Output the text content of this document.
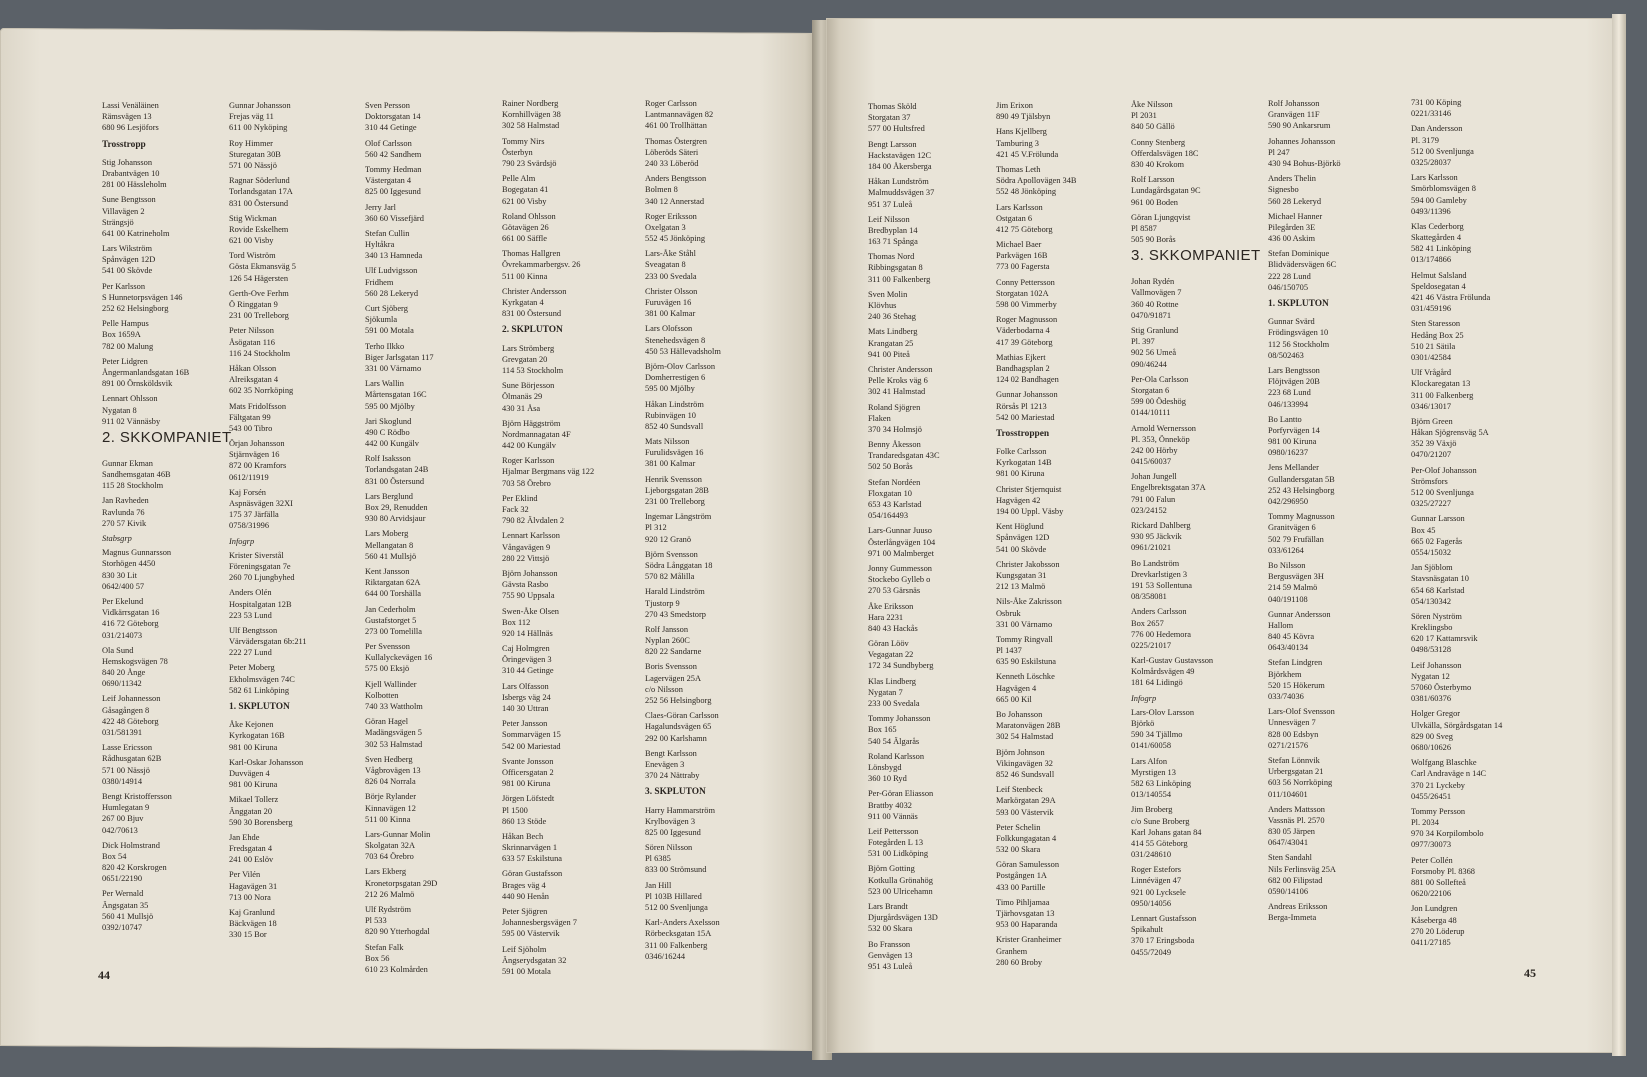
Lassi Venäläinen
Rämsvägen 13
680 96 Lesjöfors
Trosstropp
Stig Johansson
Drabantvägen 10
281 00 Hässleholm
Sune Bengtsson
Villavägen 2
Strängsjö
641 00 Katrineholm
Lars Wikström
Spånvägen 12D
541 00 Skövde
Per Karlsson
S Hunnetorpsvägen 146
252 62 Helsingborg
Pelle Hampus
Box 1659A
782 00 Malung
Peter Lidgren
Ångermanlandsgatan 16B
891 00 Örnsköldsvik
Lennart Ohlsson
Nygatan 8
911 02 Vännäsby
2. SKKOMPANIET
Gunnar Ekman
Sandhemsgatan 46B
115 28 Stockholm
Jan Ravheden
Ravlunda 76
270 57 Kivik
Stabsgrp
Magnus Gunnarsson
Storhögen 4450
830 30 Lit
0642/400 57
Per Ekelund
Vidkärrsgatan 16
416 72 Göteborg
031/214073
Ola Sund
Hemskogsvägen 78
840 20 Ånge
0690/11342
Leif Johannesson
Gåsagången 8
422 48 Göteborg
031/581391
Lasse Ericsson
Rådhusgatan 62B
571 00 Nässjö
0380/14914
Bengt Kristoffersson
Humlegatan 9
267 00 Bjuv
042/70613
Dick Holmstrand
Box 54
820 42 Korskrogen
0651/22190
Per Wernald
Ängsgatan 35
560 41 Mullsjö
0392/10747
Gunnar Johansson
Frejas väg 11
611 00 Nyköping
Roy Himmer
Sturegatan 30B
571 00 Nässjö
Ragnar Söderlund
Torlandsgatan 17A
831 00 Östersund
Stig Wickman
Rovide Eskelhem
621 00 Visby
Tord Wiström
Gösta Ekmansväg 5
126 54 Hägersten
Gerth-Ove Ferhm
Ö Ringgatan 9
231 00 Trelleborg
Peter Nilsson
Åsögatan 116
116 24 Stockholm
Håkan Olsson
Alreiksgatan 4
602 35 Norrköping
Mats Fridolfsson
Fältgatan 99
543 00 Tibro
Örjan Johansson
Stjärnvägen 16
872 00 Kramfors
0612/11919
Kaj Forsén
Aspnäsvägen 32XI
175 37 Järfälla
0758/31996
Infogrp
Krister Siverstål
Föreningsgatan 7e
260 70 Ljungbyhed
Anders Olén
Hospitalgatan 12B
223 53 Lund
Ulf Bengtsson
Värvädersgatan 6b:211
222 27 Lund
Peter Moberg
Ekholmsvägen 74C
582 61 Linköping
1. SKPLUTON
Åke Kejonen
Kyrkogatan 16B
981 00 Kiruna
Karl-Oskar Johansson
Duvvägen 4
981 00 Kiruna
Mikael Tollerz
Änggatan 20
590 30 Borensberg
Jan Ehde
Fredsgatan 4
241 00 Eslöv
Per Vilén
Hagavägen 31
713 00 Nora
Kaj Granlund
Bäckvägen 18
330 15 Bor
Sven Persson
Doktorsgatan 14
310 44 Getinge
Olof Carlsson
560 42 Sandhem
Tommy Hedman
Västergatan 4
825 00 Iggesund
Jerry Jarl
360 60 Vissefjärd
Stefan Cullin
Hyltåkra
340 13 Hamneda
Ulf Ludvigsson
Fridhem
560 28 Lekeryd
Curt Sjöberg
Sjökumla
591 00 Motala
Terho Ilkko
Biger Jarlsgatan 117
331 00 Värnamo
Lars Wallin
Mårtensgatan 16C
595 00 Mjölby
Jari Skoglund
490 C Rödbo
442 00 Kungälv
Rolf Isaksson
Torlandsgatan 24B
831 00 Östersund
Lars Berglund
Box 29, Renudden
930 80 Arvidsjaur
Lars Moberg
Mellangatan 8
560 41 Mullsjö
Kent Jansson
Riktargatan 62A
644 00 Torshälla
Jan Cederholm
Gustafstorget 5
273 00 Tomelilla
Per Svensson
Kullalyckevägen 16
575 00 Eksjö
Kjell Wallinder
Kolbotten
740 33 Wattholm
Göran Hagel
Madängsvägen 5
302 53 Halmstad
Sven Hedberg
Vågbrovägen 13
826 04 Norrala
Börje Rylander
Kinnavägen 12
511 00 Kinna
Lars-Gunnar Molin
Skolgatan 32A
703 64 Örebro
Lars Ekberg
Kronetorpsgatan 29D
212 26 Malmö
Ulf Rydström
Pl 533
820 90 Ytterhogdal
Stefan Falk
Box 56
610 23 Kolmården
Rainer Nordberg
Kornhillvägen 38
302 58 Halmstad
Tommy Nirs
Österbyn
790 23 Svärdsjö
Pelle Alm
Bogegatan 41
621 00 Visby
Roland Ohlsson
Götavägen 26
661 00 Säffle
Thomas Hallgren
Övrekammarbergsv. 26
511 00 Kinna
Christer Andersson
Kyrkgatan 4
831 00 Östersund
2. SKPLUTON
Lars Strömberg
Grevgatan 20
114 53 Stockholm
Sune Börjesson
Ölmanäs 29
430 31 Åsa
Björn Häggström
Nordmannagatan 4F
442 00 Kungälv
Roger Karlsson
Hjalmar Bergmans väg 122
703 58 Örebro
Per Eklind
Fack 32
790 82 Älvdalen 2
Lennart Karlsson
Vångavägen 9
280 22 Vittsjö
Björn Johansson
Gävsta Rasbo
755 90 Uppsala
Swen-Åke Olsen
Box 112
920 14 Hällnäs
Caj Holmgren
Öringevägen 3
310 44 Getinge
Lars Olfasson
Isbergs väg 24
140 30 Uttran
Peter Jansson
Sommarvägen 15
542 00 Mariestad
Svante Jonsson
Officersgatan 2
981 00 Kiruna
Jörgen Löfstedt
Pl 1500
860 13 Stöde
Håkan Bech
Skrinnarvägen 1
633 57 Eskilstuna
Göran Gustafsson
Brages väg 4
440 90 Henån
Peter Sjögren
Johannesbergsvägen 7
595 00 Västervik
Leif Sjöholm
Ängserydsgatan 32
591 00 Motala
Roger Carlsson
Lantmannavägen 82
461 00 Trollhättan
Thomas Östergren
Löberöds Säteri
240 33 Löberöd
Anders Bengtsson
Bolmen 8
340 12 Annerstad
Roger Eriksson
Oxelgatan 3
552 45 Jönköping
Lars-Åke Ståhl
Sveagatan 8
233 00 Svedala
Christer Olsson
Furuvägen 16
381 00 Kalmar
Lars Olofsson
Stenehedsvägen 8
450 53 Hällevadsholm
Björn-Olov Carlsson
Domherrestigen 6
595 00 Mjölby
Håkan Lindström
Rubinvägen 10
852 40 Sundsvall
Mats Nilsson
Furulidsvägen 16
381 00 Kalmar
Henrik Svensson
Ljeborgsgatan 28B
231 00 Trelleborg
Ingemar Längström
Pl 312
920 12 Granö
Björn Svensson
Södra Långgatan 18
570 82 Målilla
Harald Lindström
Tjustorp 9
270 43 Smedstorp
Rolf Jansson
Nyplan 260C
820 22 Sandarne
Boris Svensson
Lagervägen 25A
c/o Nilsson
252 56 Helsingborg
Claes-Göran Carlsson
Hagalundsvägen 65
292 00 Karlshamn
Bengt Karlsson
Enevägen 3
370 24 Nättraby
3. SKPLUTON
Harry Hammarström
Krylbovägen 3
825 00 Iggesund
Sören Nilsson
Pl 6385
833 00 Strömsund
Jan Hill
Pl 103B Hillared
512 00 Svenljunga
Karl-Anders Axelsson
Rörbecksgatan 15A
311 00 Falkenberg
0346/16244
Thomas Sköld
Storgatan 37
577 00 Hultsfred
Bengt Larsson
Hackstavägen 12C
184 00 Åkersberga
Håkan Lundström
Malmuddsvägen 37
951 37 Luleå
Leif Nilsson
Bredbyplan 14
163 71 Spånga
Thomas Nord
Ribbingsgatan 8
311 00 Falkenberg
Sven Molin
Klövhus
240 36 Stehag
Mats Lindberg
Krangatan 25
941 00 Piteå
Christer Andersson
Pelle Kroks väg 6
302 41 Halmstad
Roland Sjögren
Flaken
370 34 Holmsjö
Benny Åkesson
Trandaredsgatan 43C
502 50 Borås
Stefan Nordéen
Floxgatan 10
653 43 Karlstad
054/164493
Lars-Gunnar Juuso
Österlångvägen 104
971 00 Malmberget
Jonny Gummesson
Stockebo Gylleb o
270 53 Gärsnäs
Åke Eriksson
Hara 2231
840 43 Hackås
Göran Lööv
Vegagatan 22
172 34 Sundbyberg
Klas Lindberg
Nygatan 7
233 00 Svedala
Tommy Johansson
Box 165
540 54 Älgarås
Roland Karlsson
Lönsbygd
360 10 Ryd
Per-Göran Eliasson
Brattby 4032
911 00 Vännäs
Leif Pettersson
Fotegården L 13
531 00 Lidköping
Björn Gotting
Kotkulla Grönahög
523 00 Ulricehamn
Lars Brandt
Djurgårdsvägen 13D
532 00 Skara
Bo Fransson
Genvägen 13
951 43 Luleå
Jim Erixon
890 49 Tjälsbyn
Hans Kjellberg
Tamburing 3
421 45 V.Frölunda
Thomas Leth
Södra Apollovägen 34B
552 48 Jönköping
Lars Karlsson
Ostgatan 6
412 75 Göteborg
Michael Baer
Parkvägen 16B
773 00 Fagersta
Conny Pettersson
Storgatan 102A
598 00 Vimmerby
Roger Magnusson
Väderbodarna 4
417 39 Göteborg
Mathias Ejkert
Bandhagsplan 2
124 02 Bandhagen
Gunnar Johansson
Rörsås Pl 1213
542 00 Mariestad
Trosstroppen
Folke Carlsson
Kyrkogatan 14B
981 00 Kiruna
Christer Stjernquist
Hagvägen 42
194 00 Uppl. Väsby
Kent Höglund
Spånvägen 12D
541 00 Skövde
Christer Jakobsson
Kungsgatan 31
212 13 Malmö
Nils-Åke Zakrisson
Osbruk
331 00 Värnamo
Tommy Ringvall
Pl 1437
635 90 Eskilstuna
Kenneth Löschke
Hagvägen 4
665 00 Kil
Bo Johansson
Maratonvägen 28B
302 54 Halmstad
Björn Johnson
Vikingavägen 32
852 46 Sundsvall
Leif Stenbeck
Markörgatan 29A
593 00 Västervik
Peter Schelin
Folkkungagatan 4
532 00 Skara
Göran Samulesson
Postgången 1A
433 00 Partille
Timo Pihljamaa
Tjärhovsgatan 13
953 00 Haparanda
Krister Granheimer
Granhem
280 60 Broby
Åke Nilsson
Pl 2031
840 50 Gällö
Conny Stenberg
Offerdalsvägen 18C
830 40 Krokom
Rolf Larsson
Lundagårdsgatan 9C
961 00 Boden
Göran Ljungqvist
Pl 8587
505 90 Borås
3. SKKOMPANIET
Johan Rydén
Vallmovägen 7
360 40 Rottne
0470/91871
Stig Granlund
Pl. 397
902 56 Umeå
090/46244
Per-Ola Carlsson
Storgatan 6
599 00 Ödeshög
0144/10111
Arnold Wernersson
Pl. 353, Önneköp
242 00 Hörby
0415/60037
Johan Jungell
Engelbrektsgatan 37A
791 00 Falun
023/24152
Rickard Dahlberg
930 95 Jäckvik
0961/21021
Bo Landström
Drevkarlstigen 3
191 53 Sollentuna
08/358081
Anders Carlsson
Box 2657
776 00 Hedemora
0225/21017
Karl-Gustav Gustavsson
Kolmårdsvägen 49
181 64 Lidingö
Infogrp
Lars-Olov Larsson
Björkö
590 34 Tjällmo
0141/60058
Lars Alfon
Myrstigen 13
582 63 Linköping
013/140554
Jim Broberg
c/o Sune Broberg
Karl Johans gatan 84
414 55 Göteborg
031/248610
Roger Estefors
Linnévägen 47
921 00 Lycksele
0950/14056
Lennart Gustafsson
Spikahult
370 17 Eringsboda
0455/72049
Rolf Johansson
Granvägen 11F
590 90 Ankarsrum
Johannes Johansson
Pl 247
430 94 Bohus-Björkö
Anders Thelin
Signesbo
560 28 Lekeryd
Michael Hanner
Pilegården 3E
436 00 Askim
Stefan Dominique
Blidvädersvägen 6C
222 28 Lund
046/150705
1. SKPLUTON
Gunnar Svärd
Frödingsvägen 10
112 56 Stockholm
08/502463
Lars Bengtsson
Flöjtvägen 20B
223 68 Lund
046/133994
Bo Lantto
Porfyrvägen 14
981 00 Kiruna
0980/16237
Jens Mellander
Gullandersgatan 5B
252 43 Helsingborg
042/296950
Tommy Magnusson
Granitvägen 6
502 79 Frufällan
033/61264
Bo Nilsson
Bergusvägen 3H
214 59 Malmö
040/191108
Gunnar Andersson
Hallom
840 45 Kövra
0643/40134
Stefan Lindgren
Björkhem
520 15 Hökerum
033/74036
Lars-Olof Svensson
Unnesvägen 7
828 00 Edsbyn
0271/21576
Stefan Lönnvik
Urbergsgatan 21
603 56 Norrköping
011/104601
Anders Mattsson
Vassnäs Pl. 2570
830 05 Järpen
0647/43041
Sten Sandahl
Nils Ferlinsväg 25A
682 00 Filipstad
0590/14106
Andreas Eriksson
Berga-Immeta
731 00 Köping
0221/33146
Dan Andersson
Pl. 3179
512 00 Svenljunga
0325/28037
Lars Karlsson
Smörblomsvägen 8
594 00 Gamleby
0493/11396
Klas Cederborg
Skattegården 4
582 41 Linköping
013/174866
Helmut Salsland
Speldosegatan 4
421 46 Västra Frölunda
031/459196
Sten Staresson
Hedång Box 25
510 21 Sätila
0301/42584
Ulf Vrågård
Klockaregatan 13
311 00 Falkenberg
0346/13017
Björn Green
Håkan Sjögrensväg 5A
352 39 Växjö
0470/21207
Per-Olof Johansson
Strömsfors
512 00 Svenljunga
0325/27227
Gunnar Larsson
Box 45
665 02 Fagerås
0554/15032
Jan Sjöblom
Stavsnäsgatan 10
654 68 Karlstad
054/130342
Sören Nyström
Kreklingsbo
620 17 Kattamrsvik
0498/53128
Leif Johansson
Nygatan 12
57060 Österbymo
0381/60376
Holger Gregor
Ulvkälla, Sörgårdsgatan 14
829 00 Sveg
0680/10626
Wolfgang Blaschke
Carl Andraväge n 14C
370 21 Lyckeby
0455/26451
Tommy Persson
Pl. 2034
970 34 Korpilombolo
0977/30073
Peter Collén
Forsmoby Pl. 8368
881 00 Sollefteå
0620/22106
Jon Lundgren
Kåseberga 48
270 20 Löderup
0411/27185
44	45
